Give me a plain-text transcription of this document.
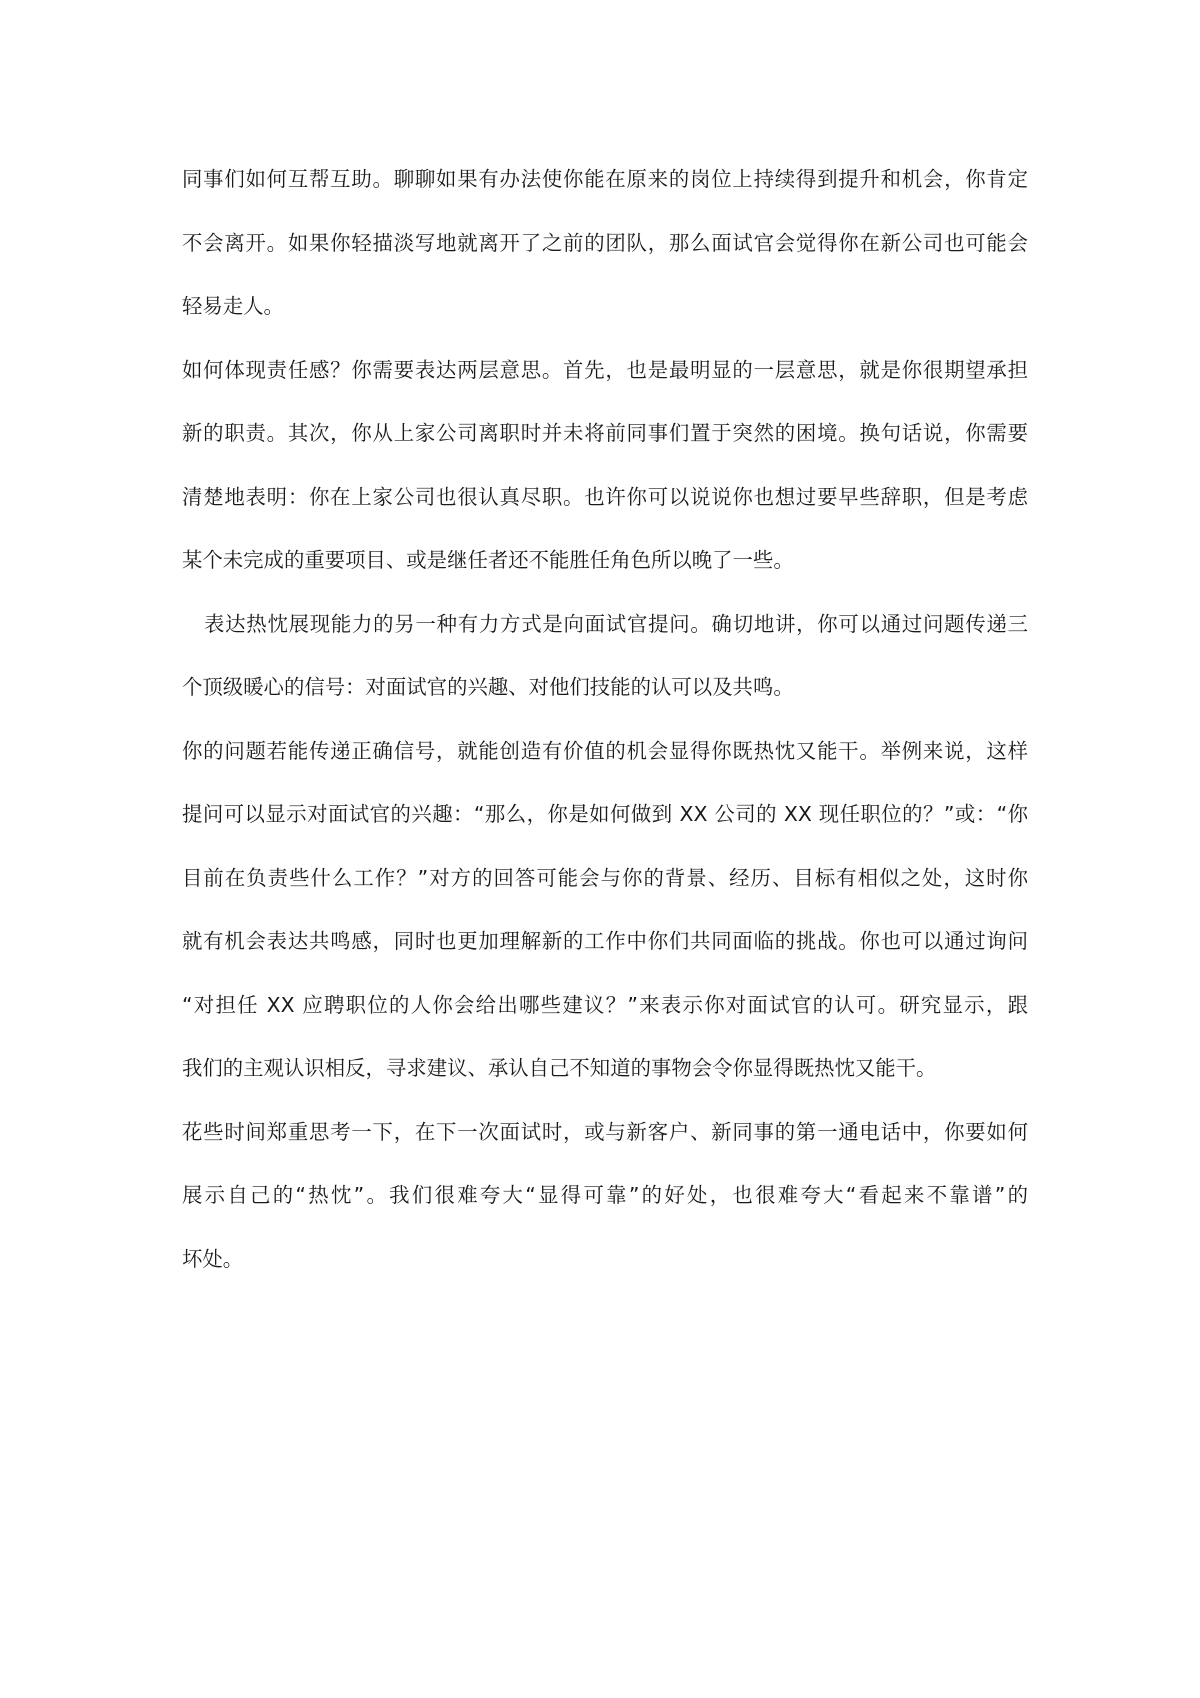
同事们如何互帮互助。聊聊如果有办法使你能在原来的岗位上持续得到提升和机会，你肯定
不会离开。如果你轻描淡写地就离开了之前的团队，那么面试官会觉得你在新公司也可能会
轻易走人。
如何体现责任感？你需要表达两层意思。首先，也是最明显的一层意思，就是你很期望承担
新的职责。其次，你从上家公司离职时并未将前同事们置于突然的困境。换句话说，你需要
清楚地表明：你在上家公司也很认真尽职。也许你可以说说你也想过要早些辞职，但是考虑
某个未完成的重要项目、或是继任者还不能胜任角色所以晚了一些。
表达热忱展现能力的另一种有力方式是向面试官提问。确切地讲，你可以通过问题传递三
个顶级暖心的信号：对面试官的兴趣、对他们技能的认可以及共鸣。
你的问题若能传递正确信号，就能创造有价值的机会显得你既热忱又能干。举例来说，这样
提问可以显示对面试官的兴趣：“那么，你是如何做到 XX 公司的 XX 现任职位的？”或：“你
目前在负责些什么工作？”对方的回答可能会与你的背景、经历、目标有相似之处，这时你
就有机会表达共鸣感，同时也更加理解新的工作中你们共同面临的挑战。你也可以通过询问
“对担任 XX 应聘职位的人你会给出哪些建议？”来表示你对面试官的认可。研究显示，跟
我们的主观认识相反，寻求建议、承认自己不知道的事物会令你显得既热忱又能干。
花些时间郑重思考一下，在下一次面试时，或与新客户、新同事的第一通电话中，你要如何
展示自己的“热忱”。我们很难夸大“显得可靠”的好处，也很难夸大“看起来不靠谱”的
坏处。
